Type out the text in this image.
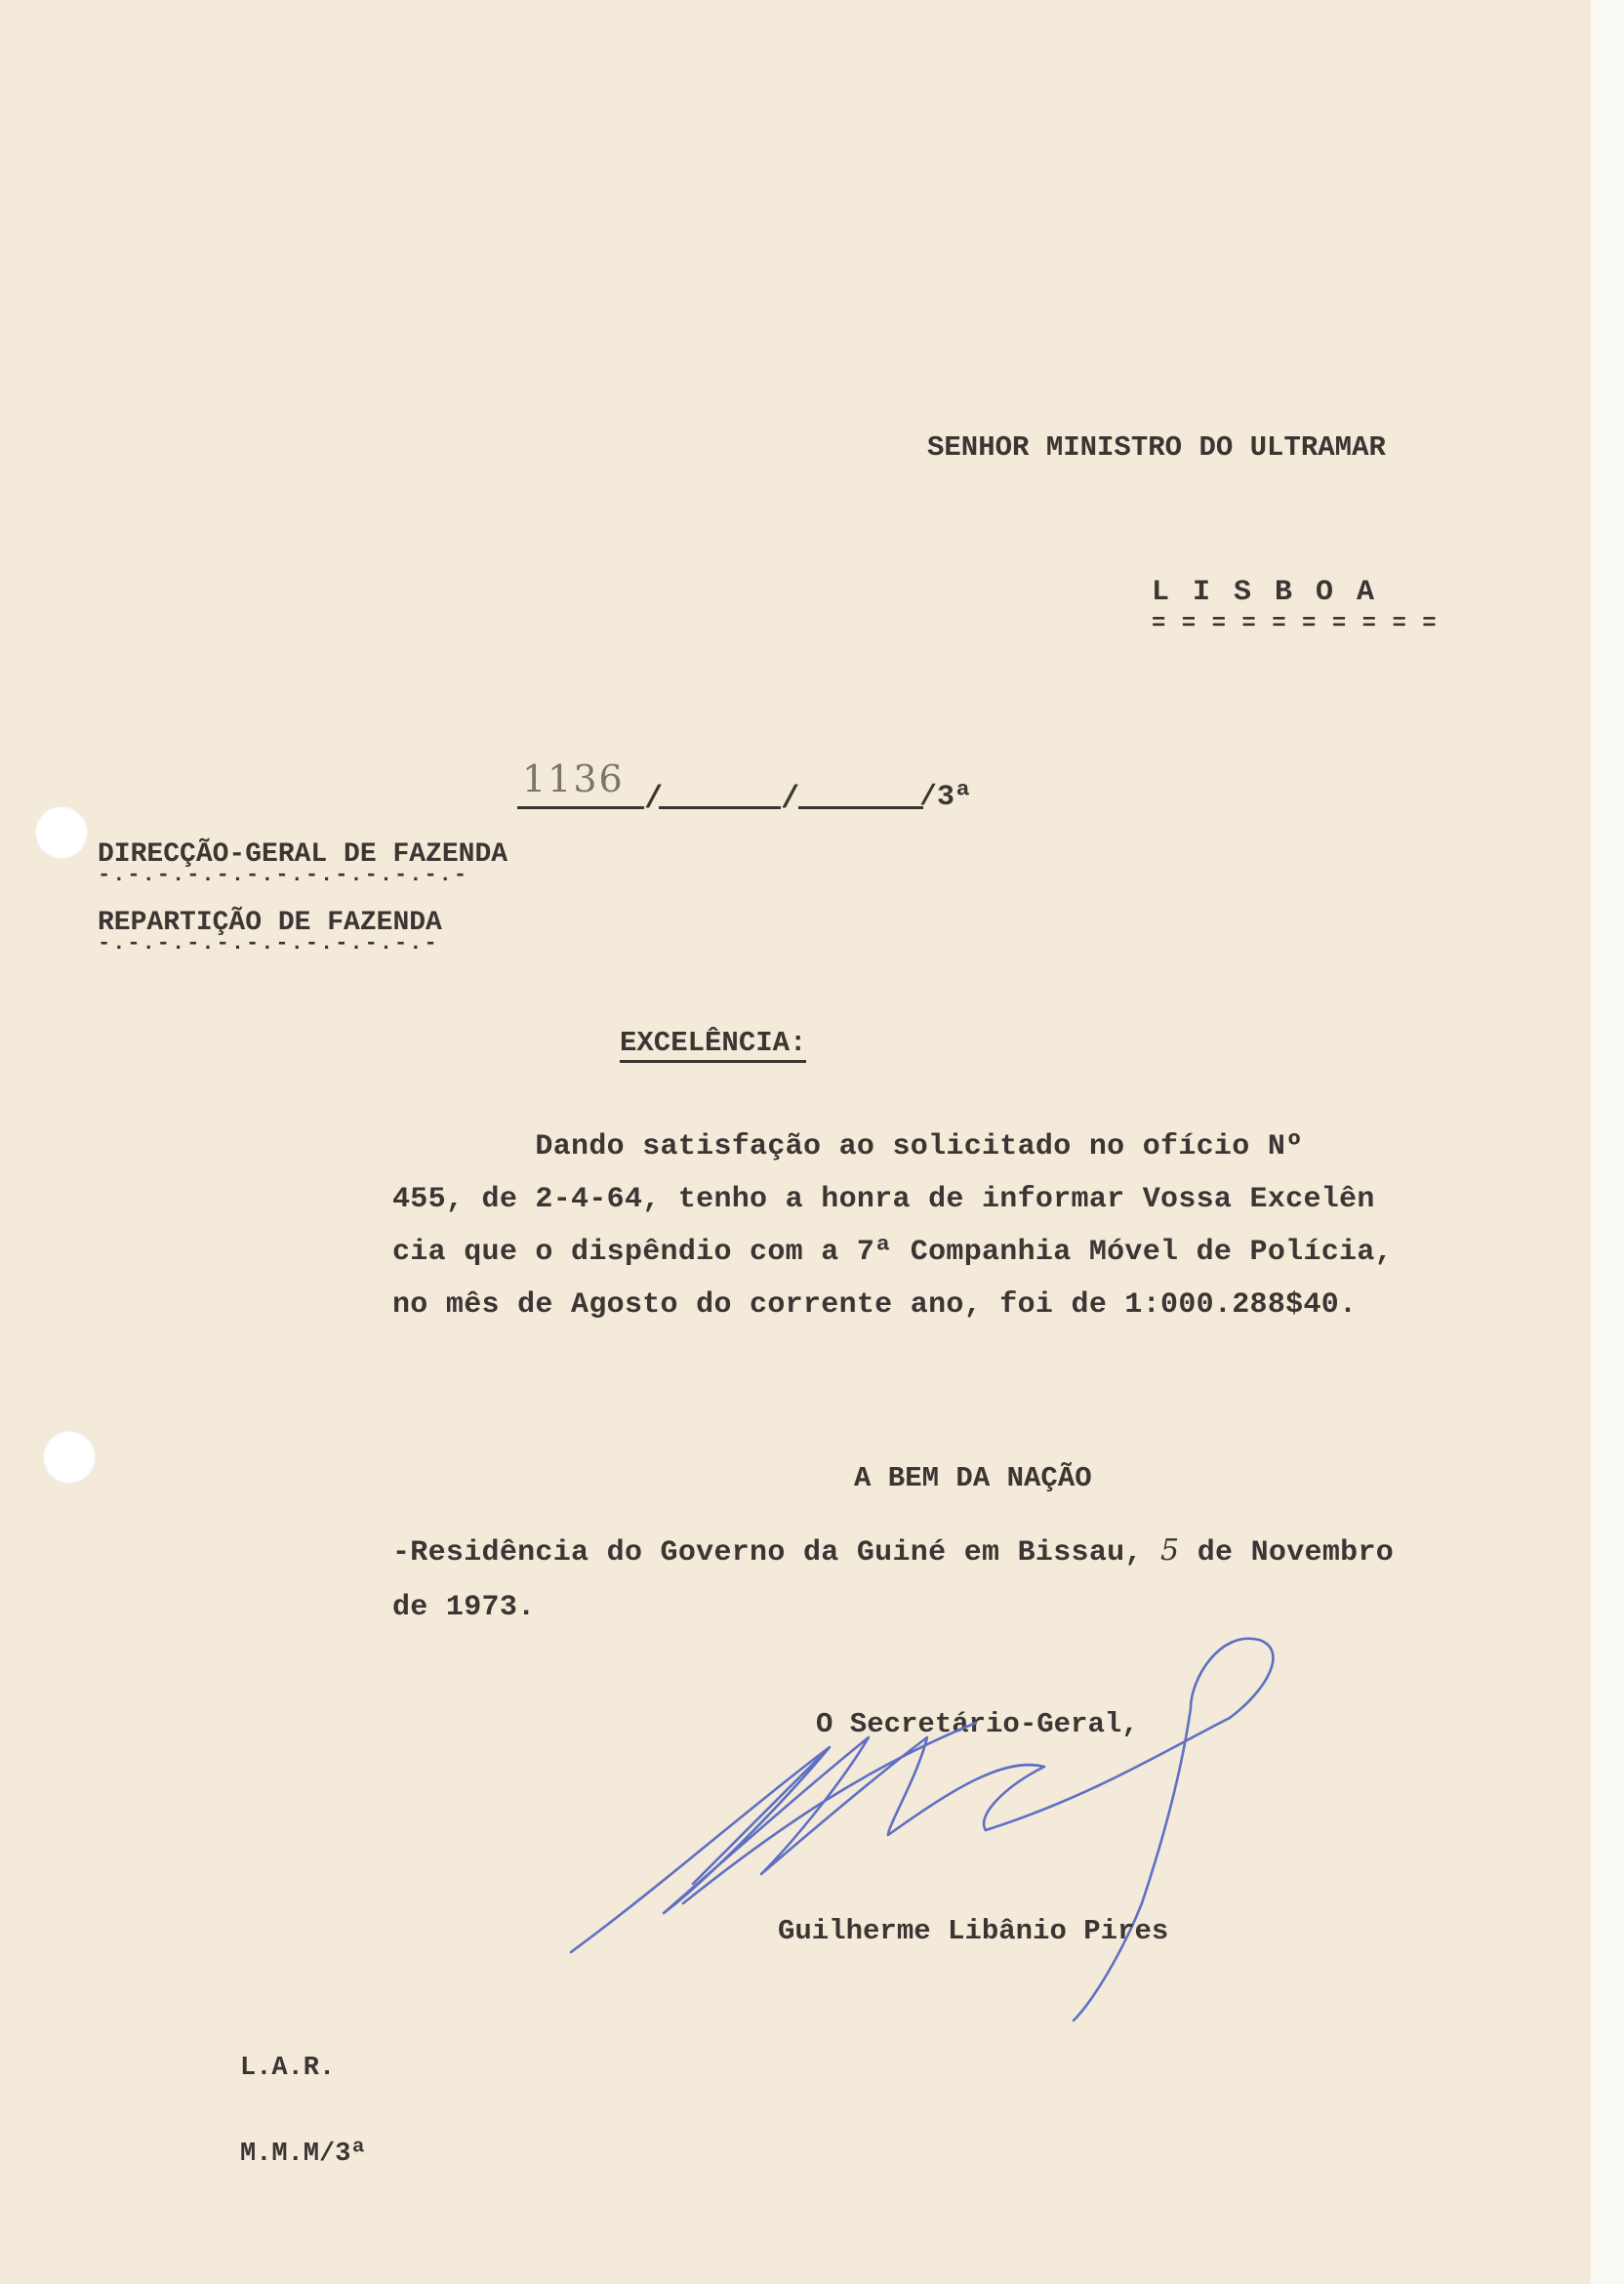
SENHOR MINISTRO DO ULTRAMAR
L I S B O A
= = = = = = = = = =
1136 /	/	/3ª
DIRECÇÃO-GERAL DE FAZENDA
-.-.-.-.-.-.-.-.-.-.-.-.-
REPARTIÇÃO DE FAZENDA
-.-.-.-.-.-.-.-.-.-.-.-
EXCELÊNCIA:
Dando satisfação ao solicitado no ofício Nº
455, de 2-4-64, tenho a honra de informar Vossa Excelên
cia que o dispêndio com a 7ª Companhia Móvel de Polícia,
no mês de Agosto do corrente ano, foi de 1:000.288$40.
A BEM DA NAÇÃO
-Residência do Governo da Guiné em Bissau, 5 de Novembro
de 1973.
O Secretário-Geral,
Guilherme Libânio Pires
L.A.R.
M.M.M/3ª
